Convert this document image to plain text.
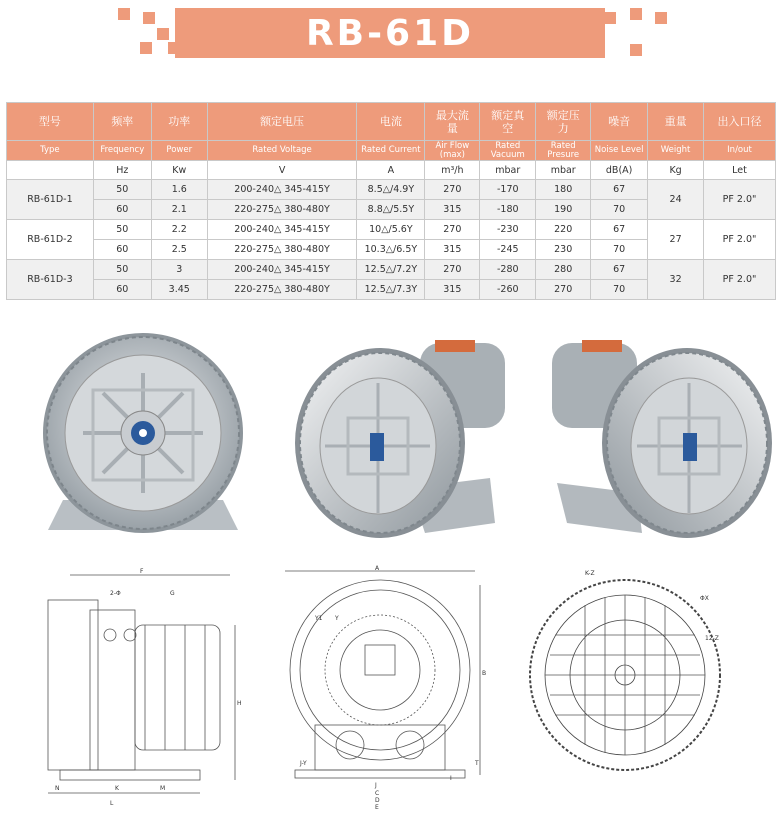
RB-61D
型号	频率	功率	额定电压	电流	最大流量	额定真空	额定压力	噪音	重量	出入口径
Type	Frequency	Power	Rated Voltage	Rated Current	Air Flow (max)	Rated Vacuum	Rated Presure	Noise Level	Weight	In/out
	Hz	Kw	V	A	m³/h	mbar	mbar	dB(A)	Kg	Let
RB-61D-1	50	1.6	200-240△ 345-415Y	8.5△/4.9Y	270	-170	180	67	24	PF 2.0"
	60	2.1	220-275△ 380-480Y	8.8△/5.5Y	315	-180	190	70		
RB-61D-2	50	2.2	200-240△ 345-415Y	10△/5.6Y	270	-230	220	67	27	PF 2.0"
	60	2.5	220-275△ 380-480Y	10.3△/6.5Y	315	-245	230	70		
RB-61D-3	50	3	200-240△ 345-415Y	12.5△/7.2Y	270	-280	280	67	32	PF 2.0"
	60	3.45	220-275△ 380-480Y	12.5△/7.3Y	315	-260	270	70		
F
2-Φ	G
H
N	K	M
L
A
Y1 Y
B
J-Y	T
I
J
C
D
E
K-Z
ΦX
12-Z
